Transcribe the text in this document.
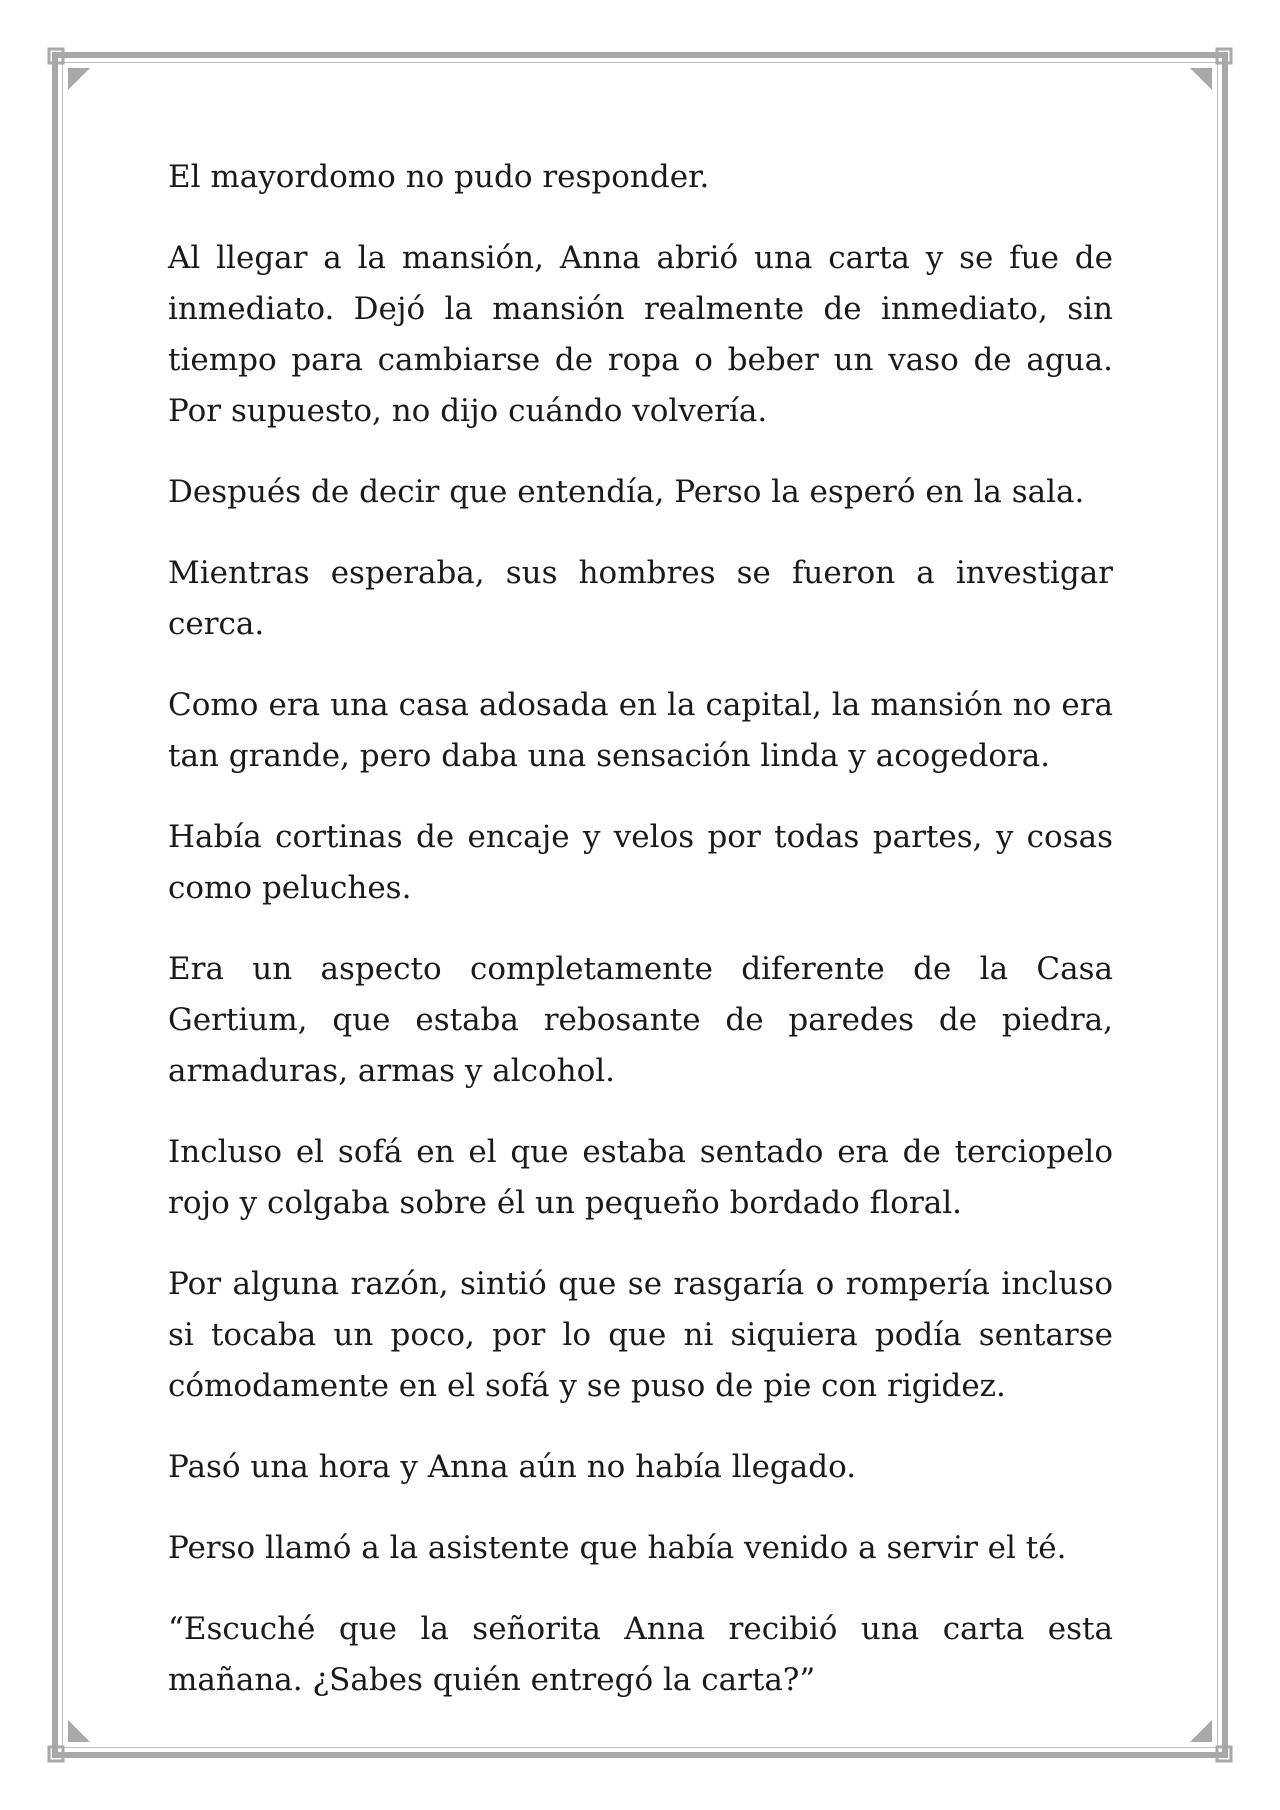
El mayordomo no pudo responder.

Al llegar a la mansión, Anna abrió una carta y se fue de inmediato. Dejó la mansión realmente de inmediato, sin tiempo para cambiarse de ropa o beber un vaso de agua. Por supuesto, no dijo cuándo volvería.

Después de decir que entendía, Perso la esperó en la sala.

Mientras esperaba, sus hombres se fueron a investigar cerca.

Como era una casa adosada en la capital, la mansión no era tan grande, pero daba una sensación linda y acogedora.

Había cortinas de encaje y velos por todas partes, y cosas como peluches.

Era un aspecto completamente diferente de la Casa Gertium, que estaba rebosante de paredes de piedra, armaduras, armas y alcohol.

Incluso el sofá en el que estaba sentado era de terciopelo rojo y colgaba sobre él un pequeño bordado floral.

Por alguna razón, sintió que se rasgaría o rompería incluso si tocaba un poco, por lo que ni siquiera podía sentarse cómodamente en el sofá y se puso de pie con rigidez.

Pasó una hora y Anna aún no había llegado.

Perso llamó a la asistente que había venido a servir el té.

“Escuché que la señorita Anna recibió una carta esta mañana. ¿Sabes quién entregó la carta?”
